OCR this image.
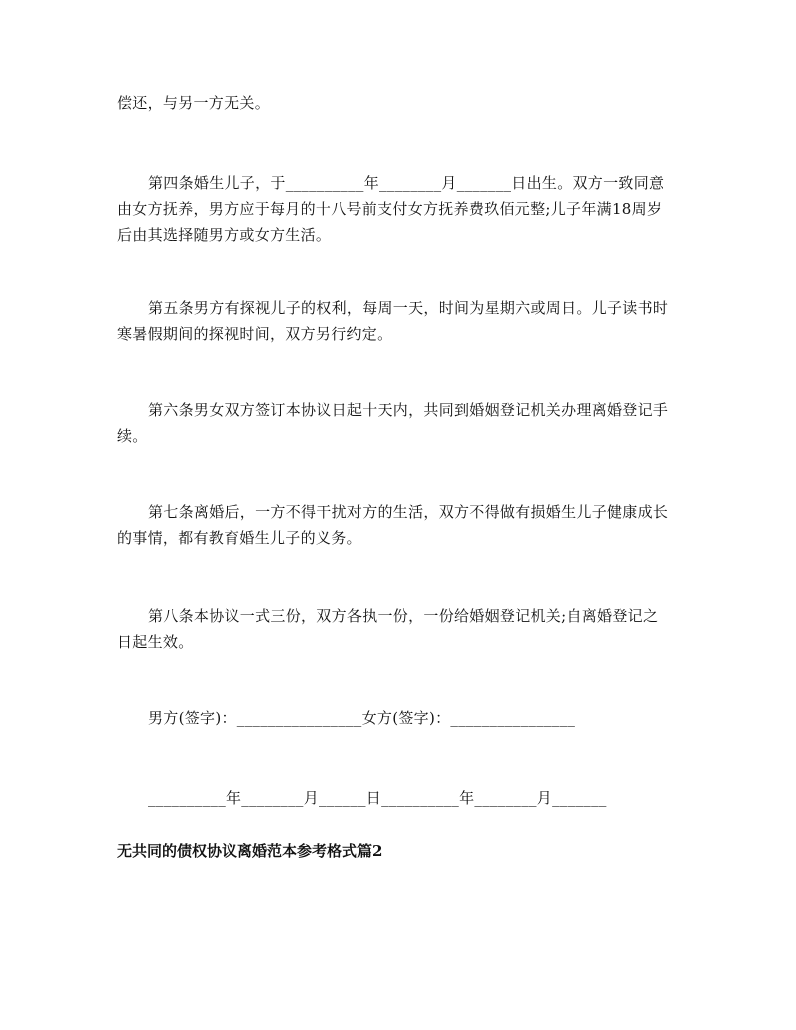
偿还，与另一方无关。
第四条婚生儿子，于__________年________月_______日出生。双方一致同意
由女方抚养，男方应于每月的十八号前支付女方抚养费玖佰元整;儿子年满18周岁
后由其选择随男方或女方生活。
第五条男方有探视儿子的权利，每周一天，时间为星期六或周日。儿子读书时
寒暑假期间的探视时间，双方另行约定。
第六条男女双方签订本协议日起十天内，共同到婚姻登记机关办理离婚登记手
续。
第七条离婚后，一方不得干扰对方的生活，双方不得做有损婚生儿子健康成长
的事情，都有教育婚生儿子的义务。
第八条本协议一式三份，双方各执一份，一份给婚姻登记机关;自离婚登记之
日起生效。
男方(签字)：________________女方(签字)：________________
__________年________月______日__________年________月_______
无共同的债权协议离婚范本参考格式篇2
